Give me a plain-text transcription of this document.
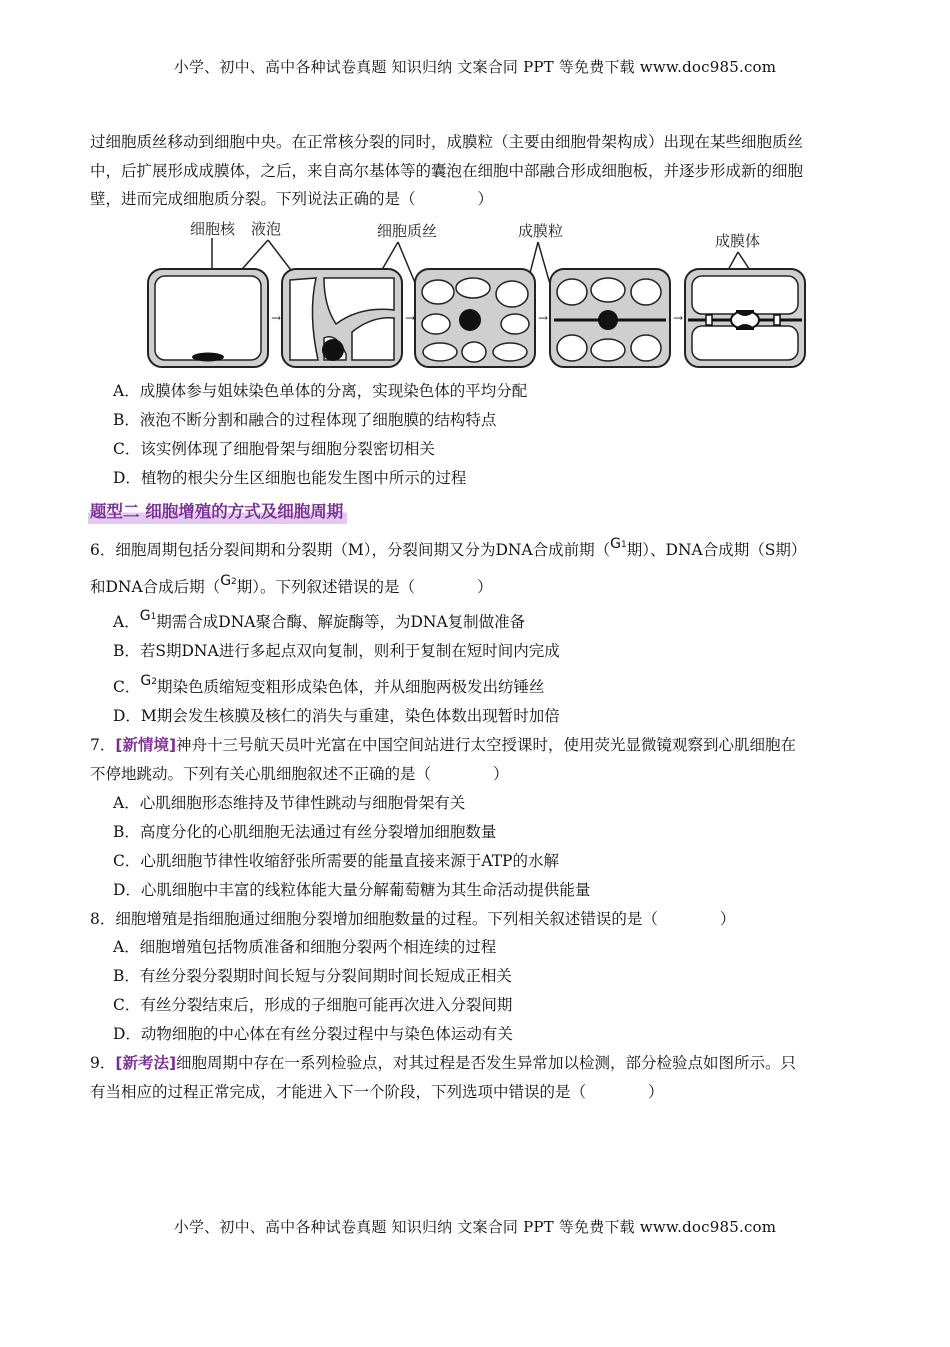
小学、初中、高中各种试卷真题 知识归纳 文案合同 PPT 等免费下载 www.doc985.com
过细胞质丝移动到细胞中央。在正常核分裂的同时，成膜粒（主要由细胞骨架构成）出现在某些细胞质丝
中，后扩展形成成膜体，之后，来自高尔基体等的囊泡在细胞中部融合形成细胞板，并逐步形成新的细胞
壁，进而完成细胞质分裂。下列说法正确的是（　　　　）
细胞核 液泡	细胞质丝	成膜粒
成膜体
→	→	→	→
A．成膜体参与姐妹染色单体的分离，实现染色体的平均分配
B．液泡不断分割和融合的过程体现了细胞膜的结构特点
C．该实例体现了细胞骨架与细胞分裂密切相关
D．植物的根尖分生区细胞也能发生图中所示的过程
题型二 细胞增殖的方式及细胞周期
6．细胞周期包括分裂间期和分裂期（M），分裂间期又分为DNA合成前期（G1期）、DNA合成期（S期）
和DNA合成后期（G2期）。下列叙述错误的是（　　　　）
A．G1期需合成DNA聚合酶、解旋酶等，为DNA复制做准备
B．若S期DNA进行多起点双向复制，则利于复制在短时间内完成
C．G2期染色质缩短变粗形成染色体，并从细胞两极发出纺锤丝
D．M期会发生核膜及核仁的消失与重建，染色体数出现暂时加倍
7．[新情境]神舟十三号航天员叶光富在中国空间站进行太空授课时，使用荧光显微镜观察到心肌细胞在
不停地跳动。下列有关心肌细胞叙述不正确的是（　　　　）
A．心肌细胞形态维持及节律性跳动与细胞骨架有关
B．高度分化的心肌细胞无法通过有丝分裂增加细胞数量
C．心肌细胞节律性收缩舒张所需要的能量直接来源于ATP的水解
D．心肌细胞中丰富的线粒体能大量分解葡萄糖为其生命活动提供能量
8．细胞增殖是指细胞通过细胞分裂增加细胞数量的过程。下列相关叙述错误的是（　　　　）
A．细胞增殖包括物质准备和细胞分裂两个相连续的过程
B．有丝分裂分裂期时间长短与分裂间期时间长短成正相关
C．有丝分裂结束后，形成的子细胞可能再次进入分裂间期
D．动物细胞的中心体在有丝分裂过程中与染色体运动有关
9．[新考法]细胞周期中存在一系列检验点，对其过程是否发生异常加以检测，部分检验点如图所示。只
有当相应的过程正常完成，才能进入下一个阶段，下列选项中错误的是（　　　　）
小学、初中、高中各种试卷真题 知识归纳 文案合同 PPT 等免费下载 www.doc985.com
